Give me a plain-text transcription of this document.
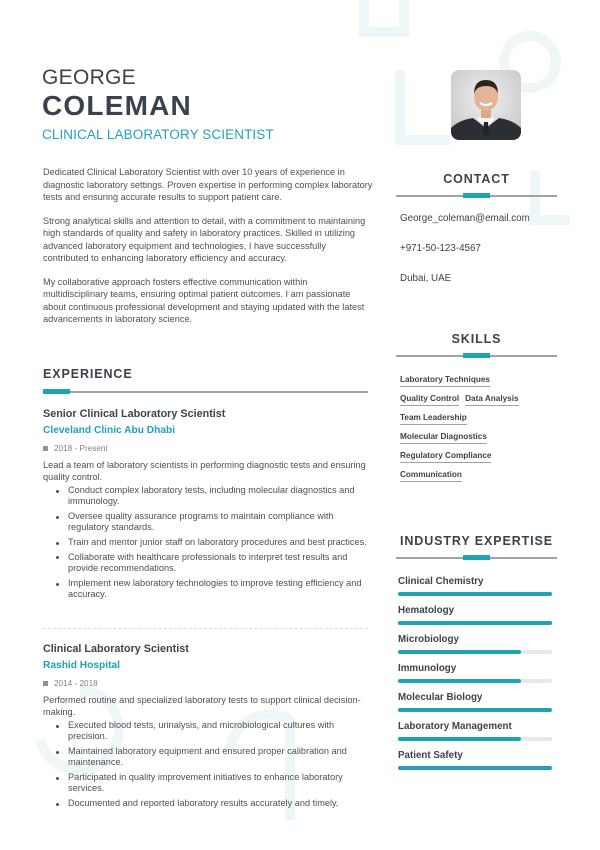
GEORGE
COLEMAN
CLINICAL LABORATORY SCIENTIST

Dedicated Clinical Laboratory Scientist with over 10 years of experience in diagnostic laboratory settings. Proven expertise in performing complex laboratory tests and ensuring accurate results to support patient care.

Strong analytical skills and attention to detail, with a commitment to maintaining high standards of quality and safety in laboratory practices. Skilled in utilizing advanced laboratory equipment and technologies, I have successfully contributed to enhancing laboratory efficiency and accuracy.

My collaborative approach fosters effective communication within multidisciplinary teams, ensuring optimal patient outcomes. I am passionate about continuous professional development and staying updated with the latest advancements in laboratory science.

EXPERIENCE
Senior Clinical Laboratory Scientist
Cleveland Clinic Abu Dhabi
2018 - Present
Lead a team of laboratory scientists in performing diagnostic tests and ensuring quality control.
Conduct complex laboratory tests, including molecular diagnostics and immunology.
Oversee quality assurance programs to maintain compliance with regulatory standards.
Train and mentor junior staff on laboratory procedures and best practices.
Collaborate with healthcare professionals to interpret test results and provide recommendations.
Implement new laboratory technologies to improve testing efficiency and accuracy.
Clinical Laboratory Scientist
Rashid Hospital
2014 - 2018
Performed routine and specialized laboratory tests to support clinical decision-making.
Executed blood tests, urinalysis, and microbiological cultures with precision.
Maintained laboratory equipment and ensured proper calibration and maintenance.
Participated in quality improvement initiatives to enhance laboratory services.
Documented and reported laboratory results accurately and timely.
CONTACT
George_coleman@email.com
+971-50-123-4567
Dubai, UAE
SKILLS
Laboratory Techniques
Quality Control Data Analysis
Team Leadership
Molecular Diagnostics
Regulatory Compliance
Communication
INDUSTRY EXPERTISE
Clinical Chemistry
Hematology
Microbiology
Immunology
Molecular Biology
Laboratory Management
Patient Safety
